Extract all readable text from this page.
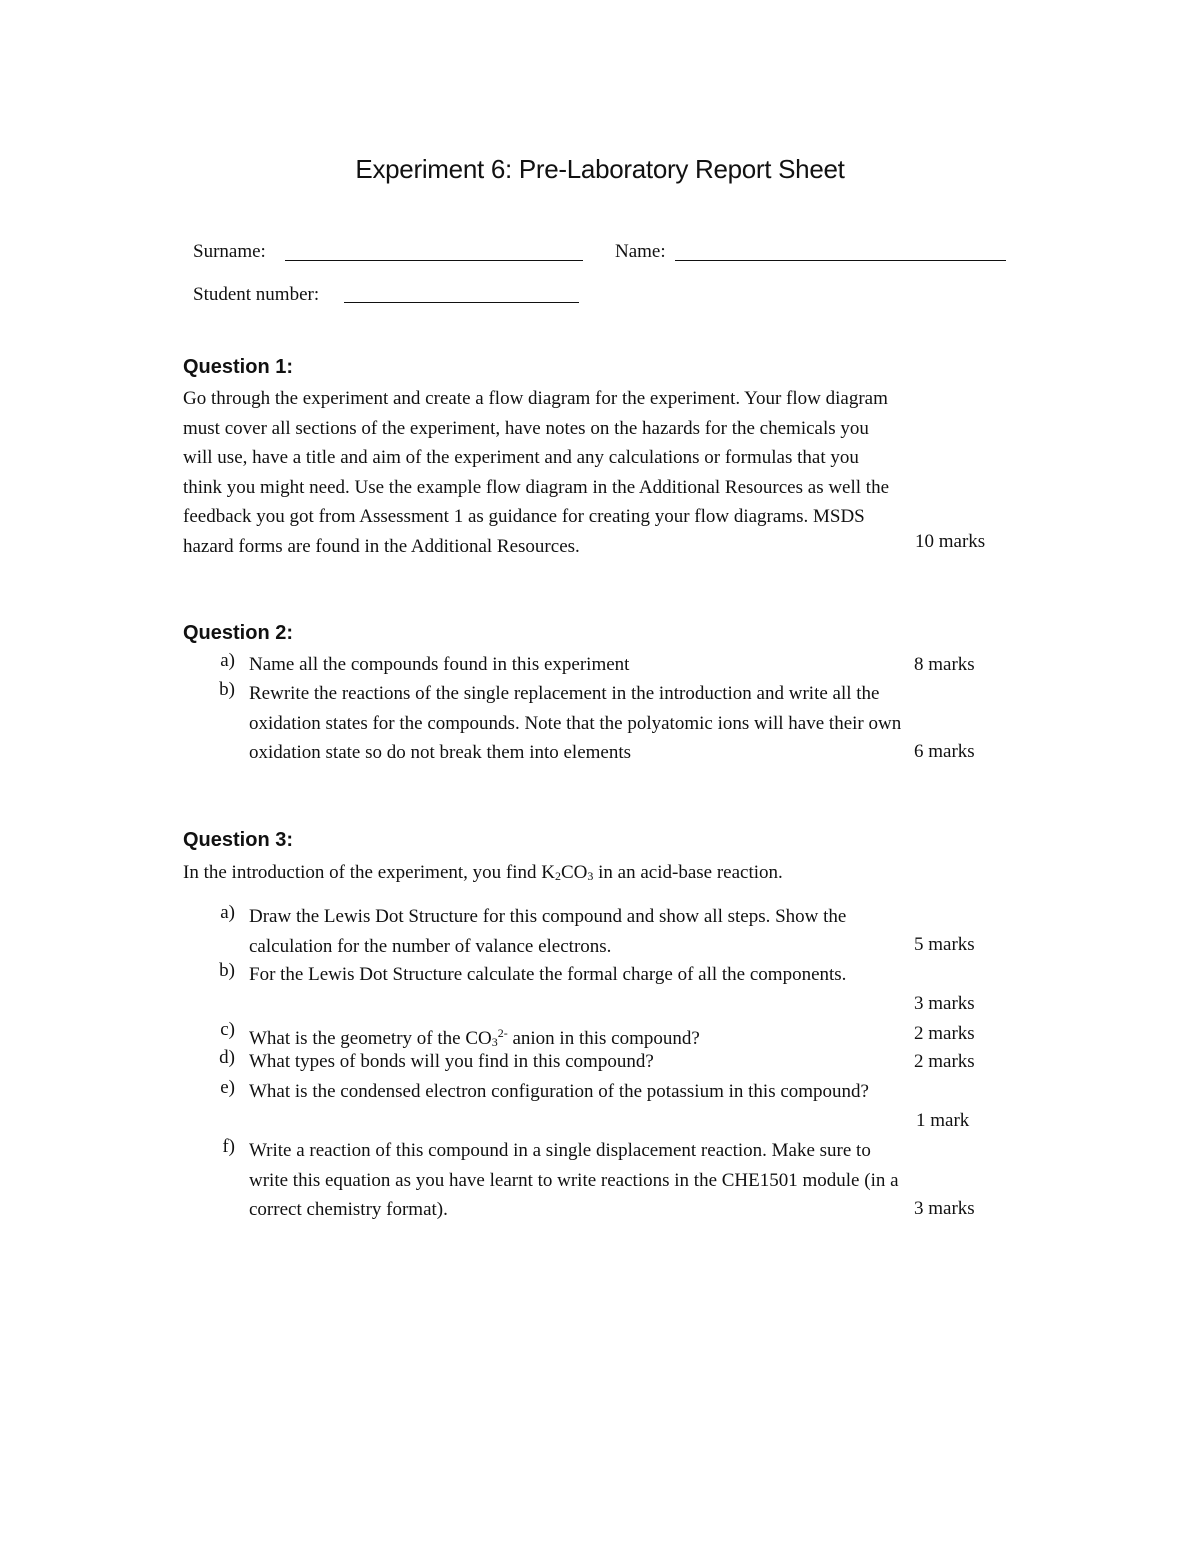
Experiment 6: Pre-Laboratory Report Sheet
Surname:	Name:
Student number:
Question 1:
Go through the experiment and create a flow diagram for the experiment. Your flow diagram
must cover all sections of the experiment, have notes on the hazards for the chemicals you
will use, have a title and aim of the experiment and any calculations or formulas that you
think you might need. Use the example flow diagram in the Additional Resources as well the
feedback you got from Assessment 1 as guidance for creating your flow diagrams. MSDS
hazard forms are found in the Additional Resources.	10 marks
Question 2:
a) Name all the compounds found in this experiment	8 marks
b) Rewrite the reactions of the single replacement in the introduction and write all the
oxidation states for the compounds. Note that the polyatomic ions will have their own
oxidation state so do not break them into elements	6 marks
Question 3:
In the introduction of the experiment, you find $K_2CO_3$ in an acid-base reaction.
a) Draw the Lewis Dot Structure for this compound and show all steps. Show the
calculation for the number of valance electrons.	5 marks
b) For the Lewis Dot Structure calculate the formal charge of all the components.
3 marks
c) What is the geometry of the $CO_3^{2-}$ anion in this compound?	2 marks
d) What types of bonds will you find in this compound?	2 marks
e) What is the condensed electron configuration of the potassium in this compound?
1 mark
f) Write a reaction of this compound in a single displacement reaction. Make sure to
write this equation as you have learnt to write reactions in the CHE1501 module (in a
correct chemistry format).	3 marks
